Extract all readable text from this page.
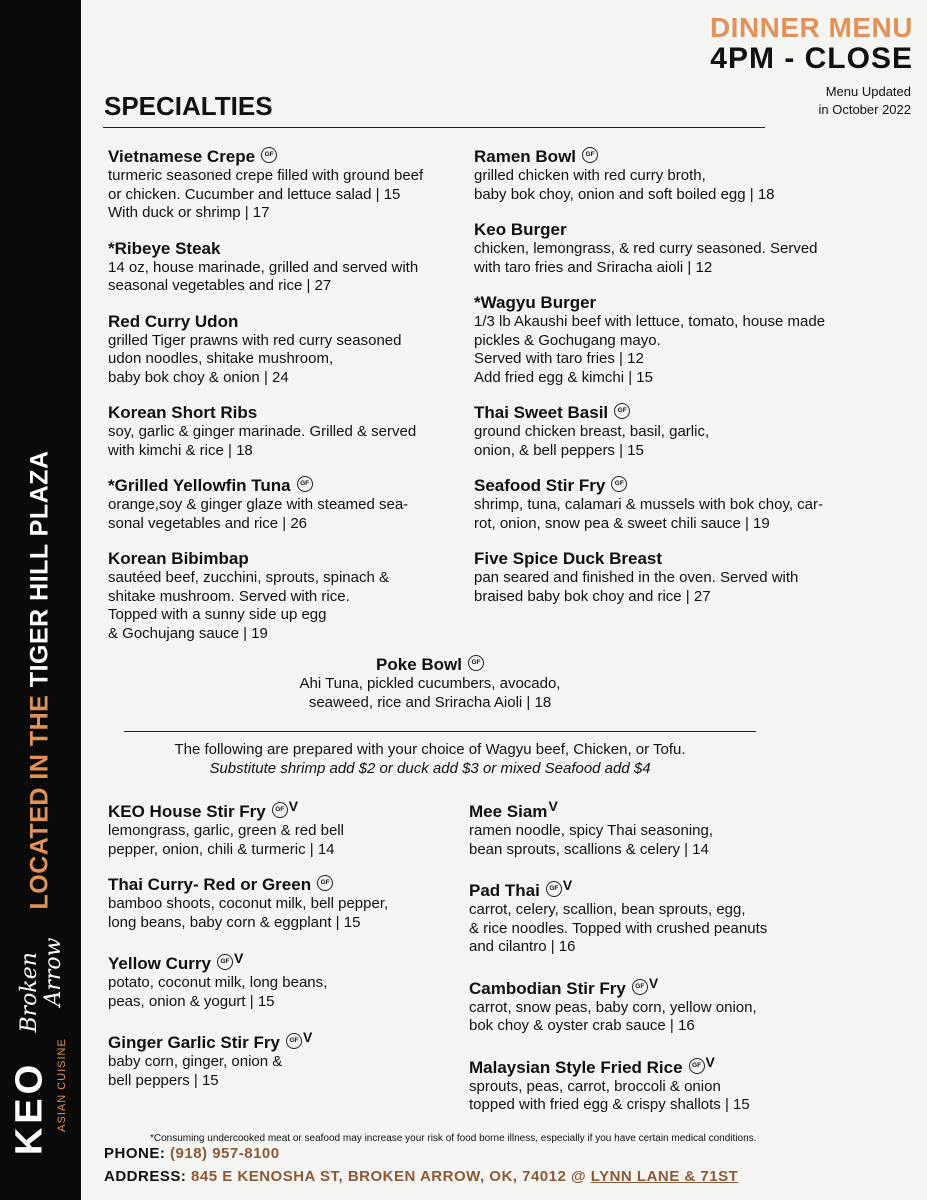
LOCATED IN THE TIGER HILL PLAZA
Broken Arrow
KEO ASIAN CUISINE
DINNER MENU
4PM - CLOSE
Menu Updated
in October 2022
SPECIALTIES
Vietnamese Crepe GF
turmeric seasoned crepe filled with ground beef
or chicken. Cucumber and lettuce salad | 15
With duck or shrimp | 17
*Ribeye Steak
14 oz, house marinade, grilled and served with
seasonal vegetables and rice | 27
Red Curry Udon
grilled Tiger prawns with red curry seasoned
udon noodles, shitake mushroom,
baby bok choy & onion | 24
Korean Short Ribs
soy, garlic & ginger marinade. Grilled & served
with kimchi & rice | 18
*Grilled Yellowfin Tuna GF
orange,soy & ginger glaze with steamed sea-
sonal vegetables and rice | 26
Korean Bibimbap
sautéed beef, zucchini, sprouts, spinach &
shitake mushroom. Served with rice.
Topped with a sunny side up egg
& Gochujang sauce | 19
Ramen Bowl GF
grilled chicken with red curry broth,
baby bok choy, onion and soft boiled egg | 18
Keo Burger
chicken, lemongrass, & red curry seasoned. Served
with taro fries and Sriracha aioli | 12
*Wagyu Burger
1/3 lb Akaushi beef with lettuce, tomato, house made
pickles & Gochugang mayo.
Served with taro fries | 12
Add fried egg & kimchi | 15
Thai Sweet Basil GF
ground chicken breast, basil, garlic,
onion, & bell peppers | 15
Seafood Stir Fry GF
shrimp, tuna, calamari & mussels with bok choy, car-
rot, onion, snow pea & sweet chili sauce | 19
Five Spice Duck Breast
pan seared and finished in the oven. Served with
braised baby bok choy and rice | 27
Poke Bowl GF
Ahi Tuna, pickled cucumbers, avocado,
seaweed, rice and Sriracha Aioli | 18
The following are prepared with your choice of Wagyu beef, Chicken, or Tofu.
Substitute shrimp add $2 or duck add $3 or mixed Seafood add $4
KEO House Stir Fry GF V
lemongrass, garlic, green & red bell
pepper, onion, chili & turmeric | 14
Thai Curry- Red or Green GF
bamboo shoots, coconut milk, bell pepper,
long beans, baby corn & eggplant | 15
Yellow Curry GF V
potato, coconut milk, long beans,
peas, onion & yogurt | 15
Ginger Garlic Stir Fry GF V
baby corn, ginger, onion &
bell peppers | 15
Mee SiamV
ramen noodle, spicy Thai seasoning,
bean sprouts, scallions & celery | 14
Pad Thai GF V
carrot, celery, scallion, bean sprouts, egg,
& rice noodles. Topped with crushed peanuts
and cilantro | 16
Cambodian Stir Fry GF V
carrot, snow peas, baby corn, yellow onion,
bok choy & oyster crab sauce | 16
Malaysian Style Fried Rice GF V
sprouts, peas, carrot, broccoli & onion
topped with fried egg & crispy shallots | 15
*Consuming undercooked meat or seafood may increase your risk of food borne illness, especially if you have certain medical conditions.
PHONE: (918) 957-8100
ADDRESS: 845 E KENOSHA ST, BROKEN ARROW, OK, 74012 @ LYNN LANE & 71ST
